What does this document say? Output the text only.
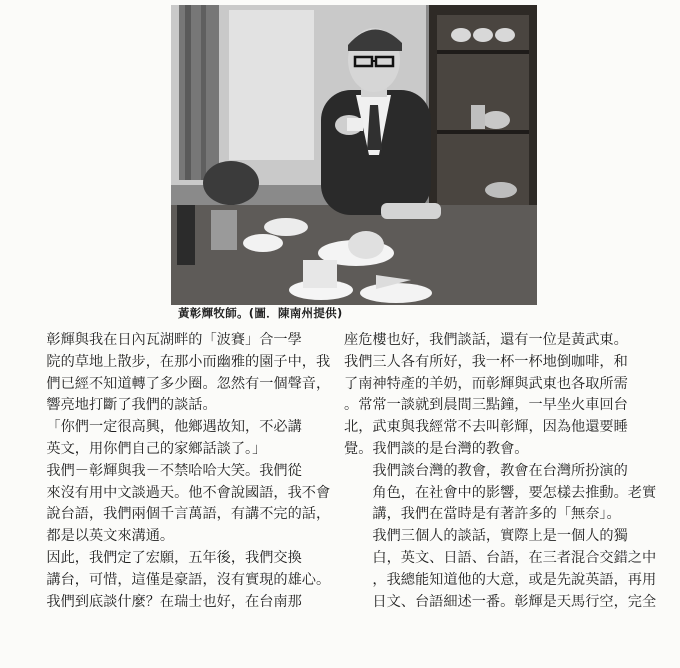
黃彰輝牧師。(圖．陳南州提供)

彰輝與我在日內瓦湖畔的「波賽」合一學
院的草地上散步，在那小而幽雅的園子中，我
們已經不知道轉了多少圈。忽然有一個聲音，
響亮地打斷了我們的談話。

「你們一定很高興，他鄉遇故知，不必講
英文，用你們自己的家鄉話談了。」

我們－彰輝與我－不禁哈哈大笑。我們從
來沒有用中文談過天。他不會說國語，我不會
說台語，我們兩個千言萬語，有講不完的話，
都是以英文來溝通。

因此，我們定了宏願，五年後，我們交換
講台，可惜，這僅是豪語，沒有實現的雄心。

我們到底談什麼？在瑞士也好，在台南那

座危樓也好，我們談話，還有一位是黃武東。
我們三人各有所好，我一杯一杯地倒咖啡，和
了南神特產的羊奶，而彰輝與武東也各取所需
。常常一談就到晨間三點鐘，一早坐火車回台
北，武東與我經常不去叫彰輝，因為他還要睡
覺。我們談的是台灣的教會。

我們談台灣的教會，教會在台灣所扮演的
角色，在社會中的影響，要怎樣去推動。老實
講，我們在當時是有著許多的「無奈」。

我們三個人的談話，實際上是一個人的獨
白，英文、日語、台語，在三者混合交錯之中
，我總能知道他的大意，或是先說英語，再用
日文、台語細述一番。彰輝是天馬行空，完全
